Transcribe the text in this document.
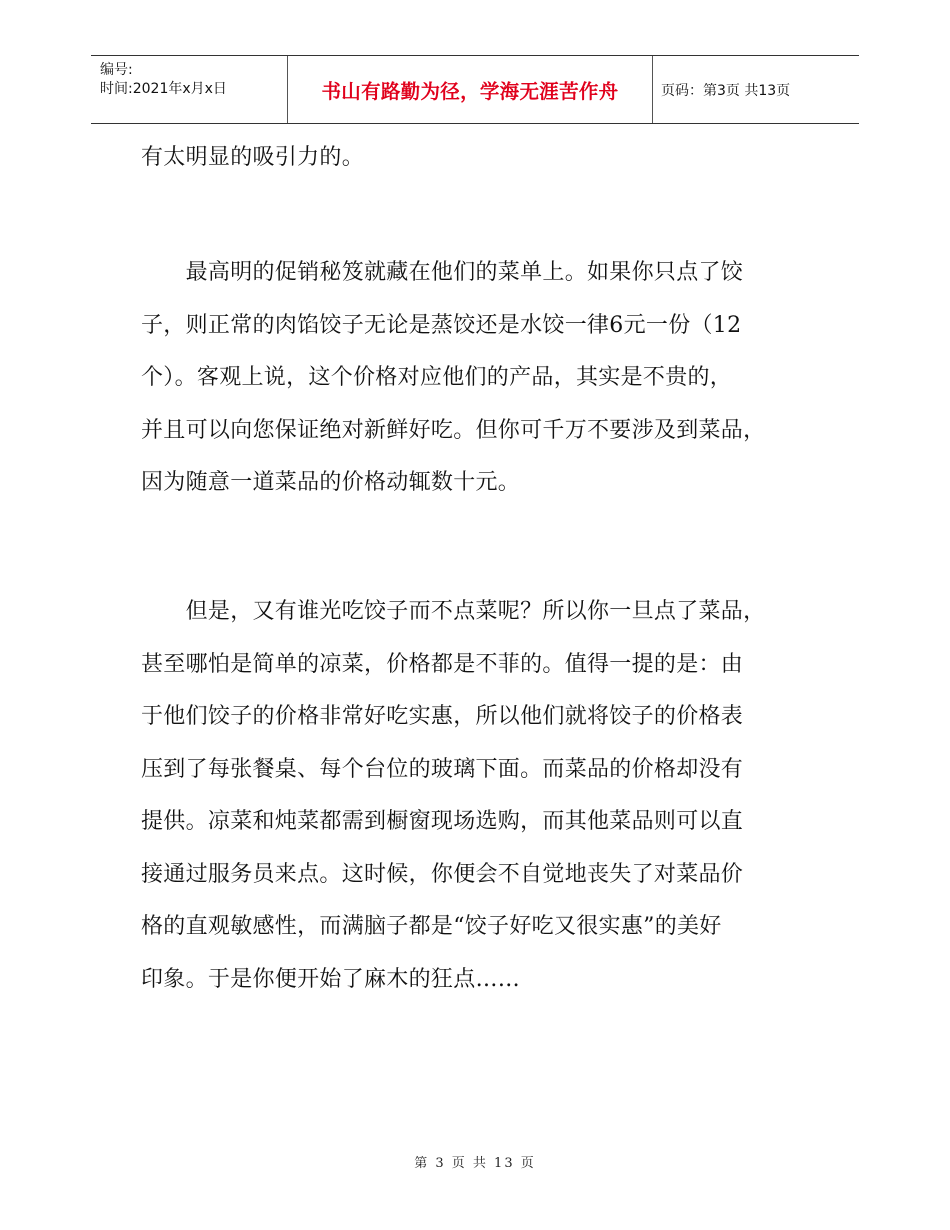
编号:
时间:2021年x月x日	书山有路勤为径，学海无涯苦作舟	页码：第3页 共13页

有太明显的吸引力的。

　　最高明的促销秘笈就藏在他们的菜单上。如果你只点了饺
子，则正常的肉馅饺子无论是蒸饺还是水饺一律6元一份（12
个）。客观上说，这个价格对应他们的产品，其实是不贵的，
并且可以向您保证绝对新鲜好吃。但你可千万不要涉及到菜品，
因为随意一道菜品的价格动辄数十元。

　　但是，又有谁光吃饺子而不点菜呢？所以你一旦点了菜品，
甚至哪怕是简单的凉菜，价格都是不菲的。值得一提的是：由
于他们饺子的价格非常好吃实惠，所以他们就将饺子的价格表
压到了每张餐桌、每个台位的玻璃下面。而菜品的价格却没有
提供。凉菜和炖菜都需到橱窗现场选购，而其他菜品则可以直
接通过服务员来点。这时候，你便会不自觉地丧失了对菜品价
格的直观敏感性，而满脑子都是“饺子好吃又很实惠”的美好
印象。于是你便开始了麻木的狂点……

第 3 页 共 13 页
